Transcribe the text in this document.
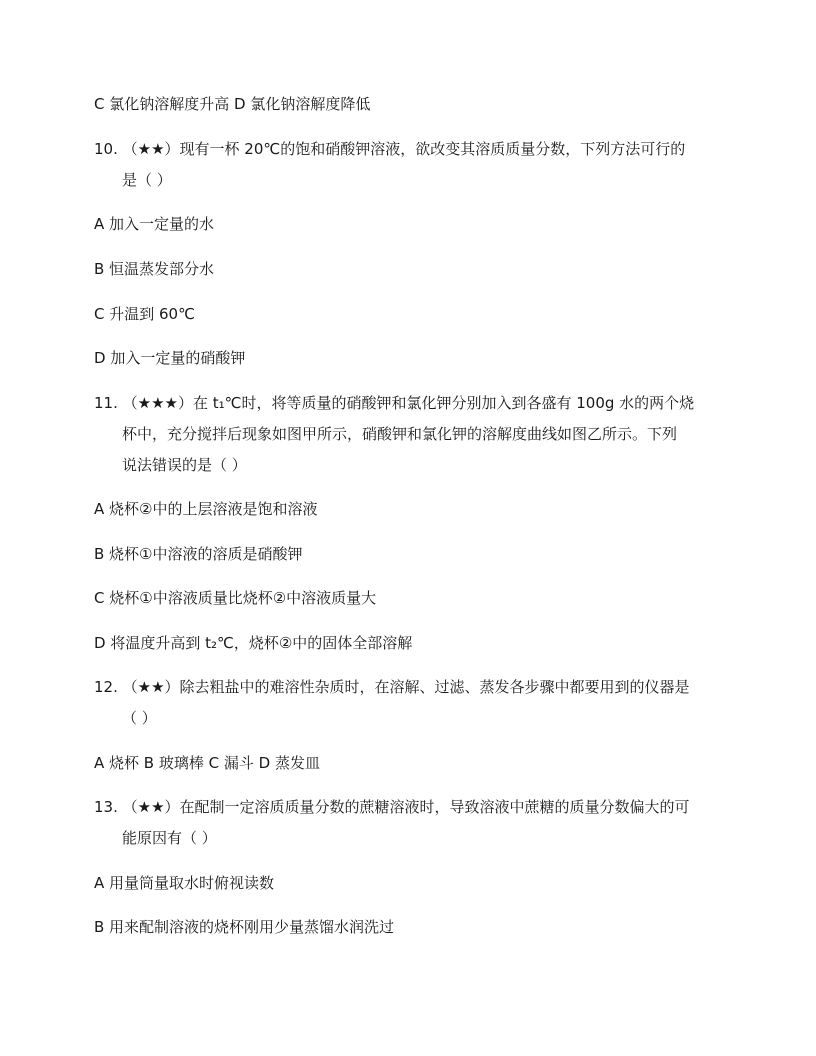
C 氯化钠溶解度升高 D 氯化钠溶解度降低
10. （★★）现有一杯 20℃的饱和硝酸钾溶液，欲改变其溶质质量分数，下列方法可行的
是（ ）
A 加入一定量的水
B 恒温蒸发部分水
C 升温到 60℃
D 加入一定量的硝酸钾
11. （★★★）在 t₁℃时，将等质量的硝酸钾和氯化钾分别加入到各盛有 100g 水的两个烧
杯中，充分搅拌后现象如图甲所示，硝酸钾和氯化钾的溶解度曲线如图乙所示。下列
说法错误的是（ ）
A 烧杯②中的上层溶液是饱和溶液
B 烧杯①中溶液的溶质是硝酸钾
C 烧杯①中溶液质量比烧杯②中溶液质量大
D 将温度升高到 t₂℃，烧杯②中的固体全部溶解
12. （★★）除去粗盐中的难溶性杂质时，在溶解、过滤、蒸发各步骤中都要用到的仪器是
（ ）
A 烧杯 B 玻璃棒 C 漏斗 D 蒸发皿
13. （★★）在配制一定溶质质量分数的蔗糖溶液时，导致溶液中蔗糖的质量分数偏大的可
能原因有（ ）
A 用量筒量取水时俯视读数
B 用来配制溶液的烧杯刚用少量蒸馏水润洗过
